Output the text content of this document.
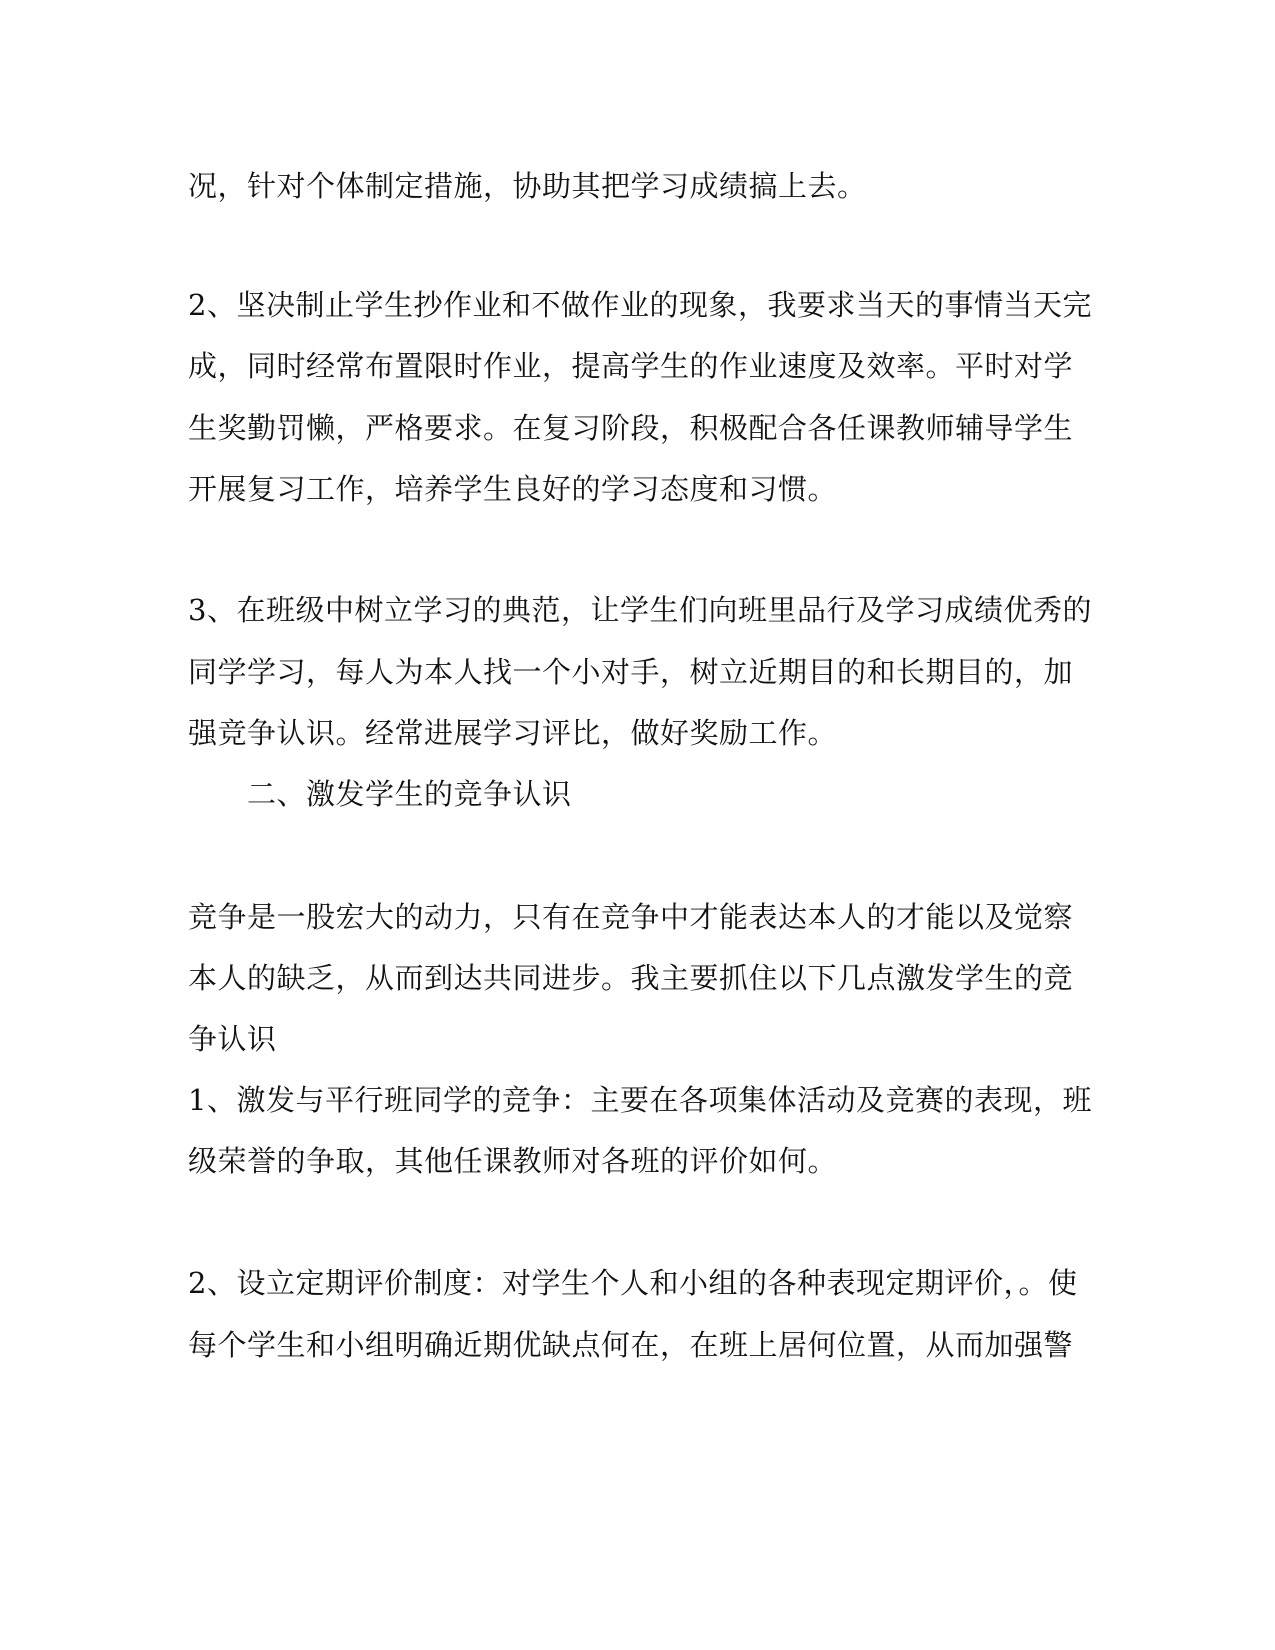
况，针对个体制定措施，协助其把学习成绩搞上去。
2、坚决制止学生抄作业和不做作业的现象，我要求当天的事情当天完
成，同时经常布置限时作业，提高学生的作业速度及效率。平时对学
生奖勤罚懒，严格要求。在复习阶段，积极配合各任课教师辅导学生
开展复习工作，培养学生良好的学习态度和习惯。
3、在班级中树立学习的典范，让学生们向班里品行及学习成绩优秀的
同学学习，每人为本人找一个小对手，树立近期目的和长期目的，加
强竞争认识。经常进展学习评比，做好奖励工作。
二、激发学生的竞争认识
竞争是一股宏大的动力，只有在竞争中才能表达本人的才能以及觉察
本人的缺乏，从而到达共同进步。我主要抓住以下几点激发学生的竞
争认识
1、激发与平行班同学的竞争：主要在各项集体活动及竞赛的表现，班
级荣誉的争取，其他任课教师对各班的评价如何。
2、设立定期评价制度：对学生个人和小组的各种表现定期评价，。使
每个学生和小组明确近期优缺点何在，在班上居何位置，从而加强警
